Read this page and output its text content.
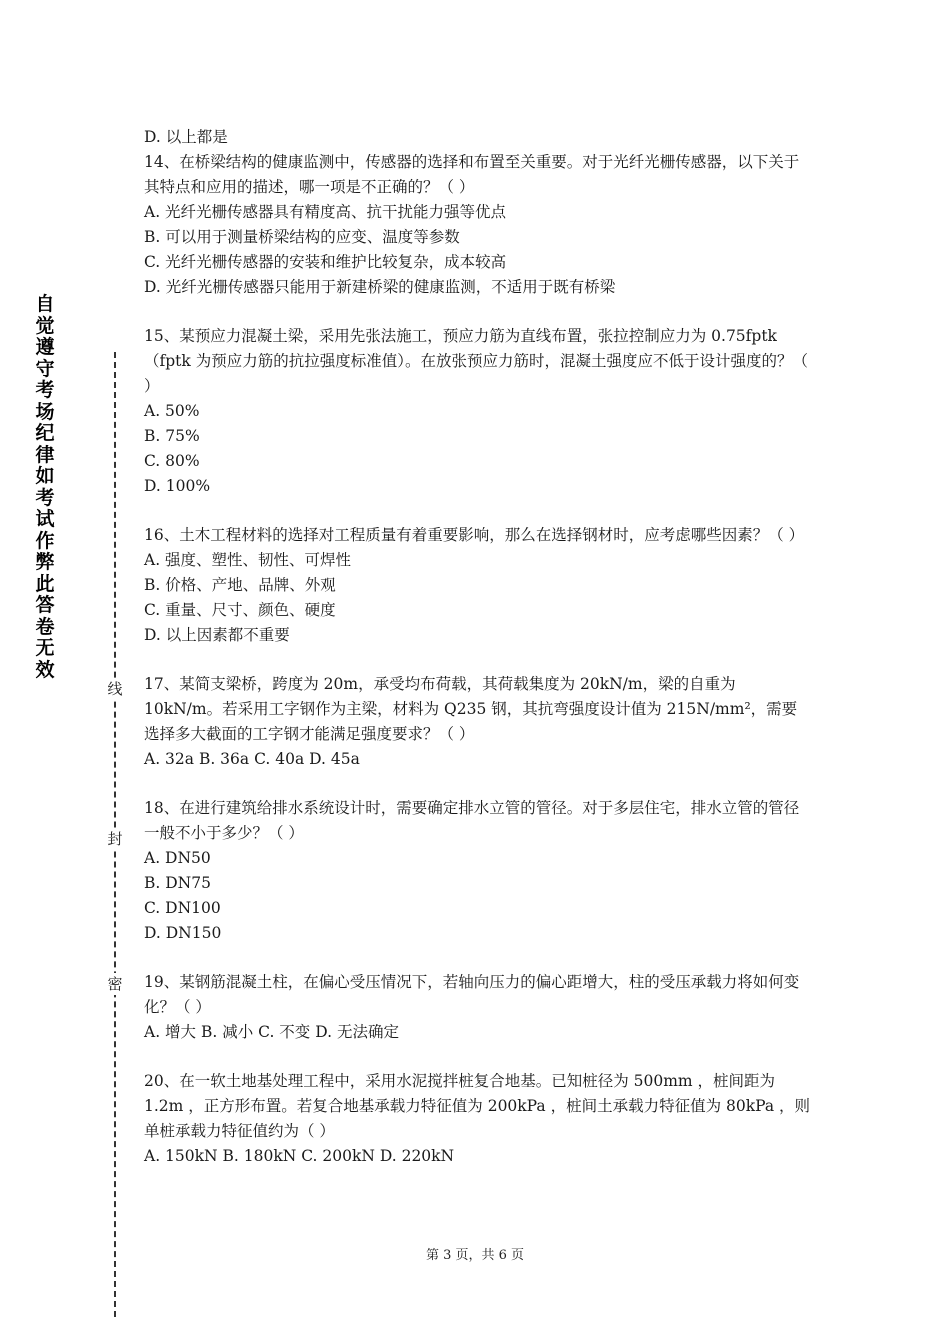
自
觉
遵
守
考
场
纪
律
如
考
试
作
弊
此
答
卷
无
效
线
封
密

D. 以上都是

14、在桥梁结构的健康监测中，传感器的选择和布置至关重要。对于光纤光栅传感器，以下关于其特点和应用的描述，哪一项是不正确的？（ ）

A. 光纤光栅传感器具有精度高、抗干扰能力强等优点

B. 可以用于测量桥梁结构的应变、温度等参数

C. 光纤光栅传感器的安装和维护比较复杂，成本较高

D. 光纤光栅传感器只能用于新建桥梁的健康监测，不适用于既有桥梁

15、某预应力混凝土梁，采用先张法施工，预应力筋为直线布置，张拉控制应力为 0.75fptk（fptk 为预应力筋的抗拉强度标准值）。在放张预应力筋时，混凝土强度应不低于设计强度的？（ ）

A. 50%

B. 75%

C. 80%

D. 100%

16、土木工程材料的选择对工程质量有着重要影响，那么在选择钢材时，应考虑哪些因素？（ ）

A. 强度、塑性、韧性、可焊性

B. 价格、产地、品牌、外观

C. 重量、尺寸、颜色、硬度

D. 以上因素都不重要

17、某简支梁桥，跨度为 20m，承受均布荷载，其荷载集度为 20kN/m，梁的自重为 10kN/m。若采用工字钢作为主梁，材料为 Q235 钢，其抗弯强度设计值为 215N/mm²，需要选择多大截面的工字钢才能满足强度要求？（ ）

A. 32a B. 36a C. 40a D. 45a

18、在进行建筑给排水系统设计时，需要确定排水立管的管径。对于多层住宅，排水立管的管径一般不小于多少？（ ）

A. DN50

B. DN75

C. DN100

D. DN150

19、某钢筋混凝土柱，在偏心受压情况下，若轴向压力的偏心距增大，柱的受压承载力将如何变化？（ ）

A. 增大 B. 减小 C. 不变 D. 无法确定

20、在一软土地基处理工程中，采用水泥搅拌桩复合地基。已知桩径为 500mm ，桩间距为 1.2m ，正方形布置。若复合地基承载力特征值为 200kPa ，桩间土承载力特征值为 80kPa ，则单桩承载力特征值约为（ ）

A. 150kN B. 180kN C. 200kN D. 220kN

第 3 页，共 6 页
